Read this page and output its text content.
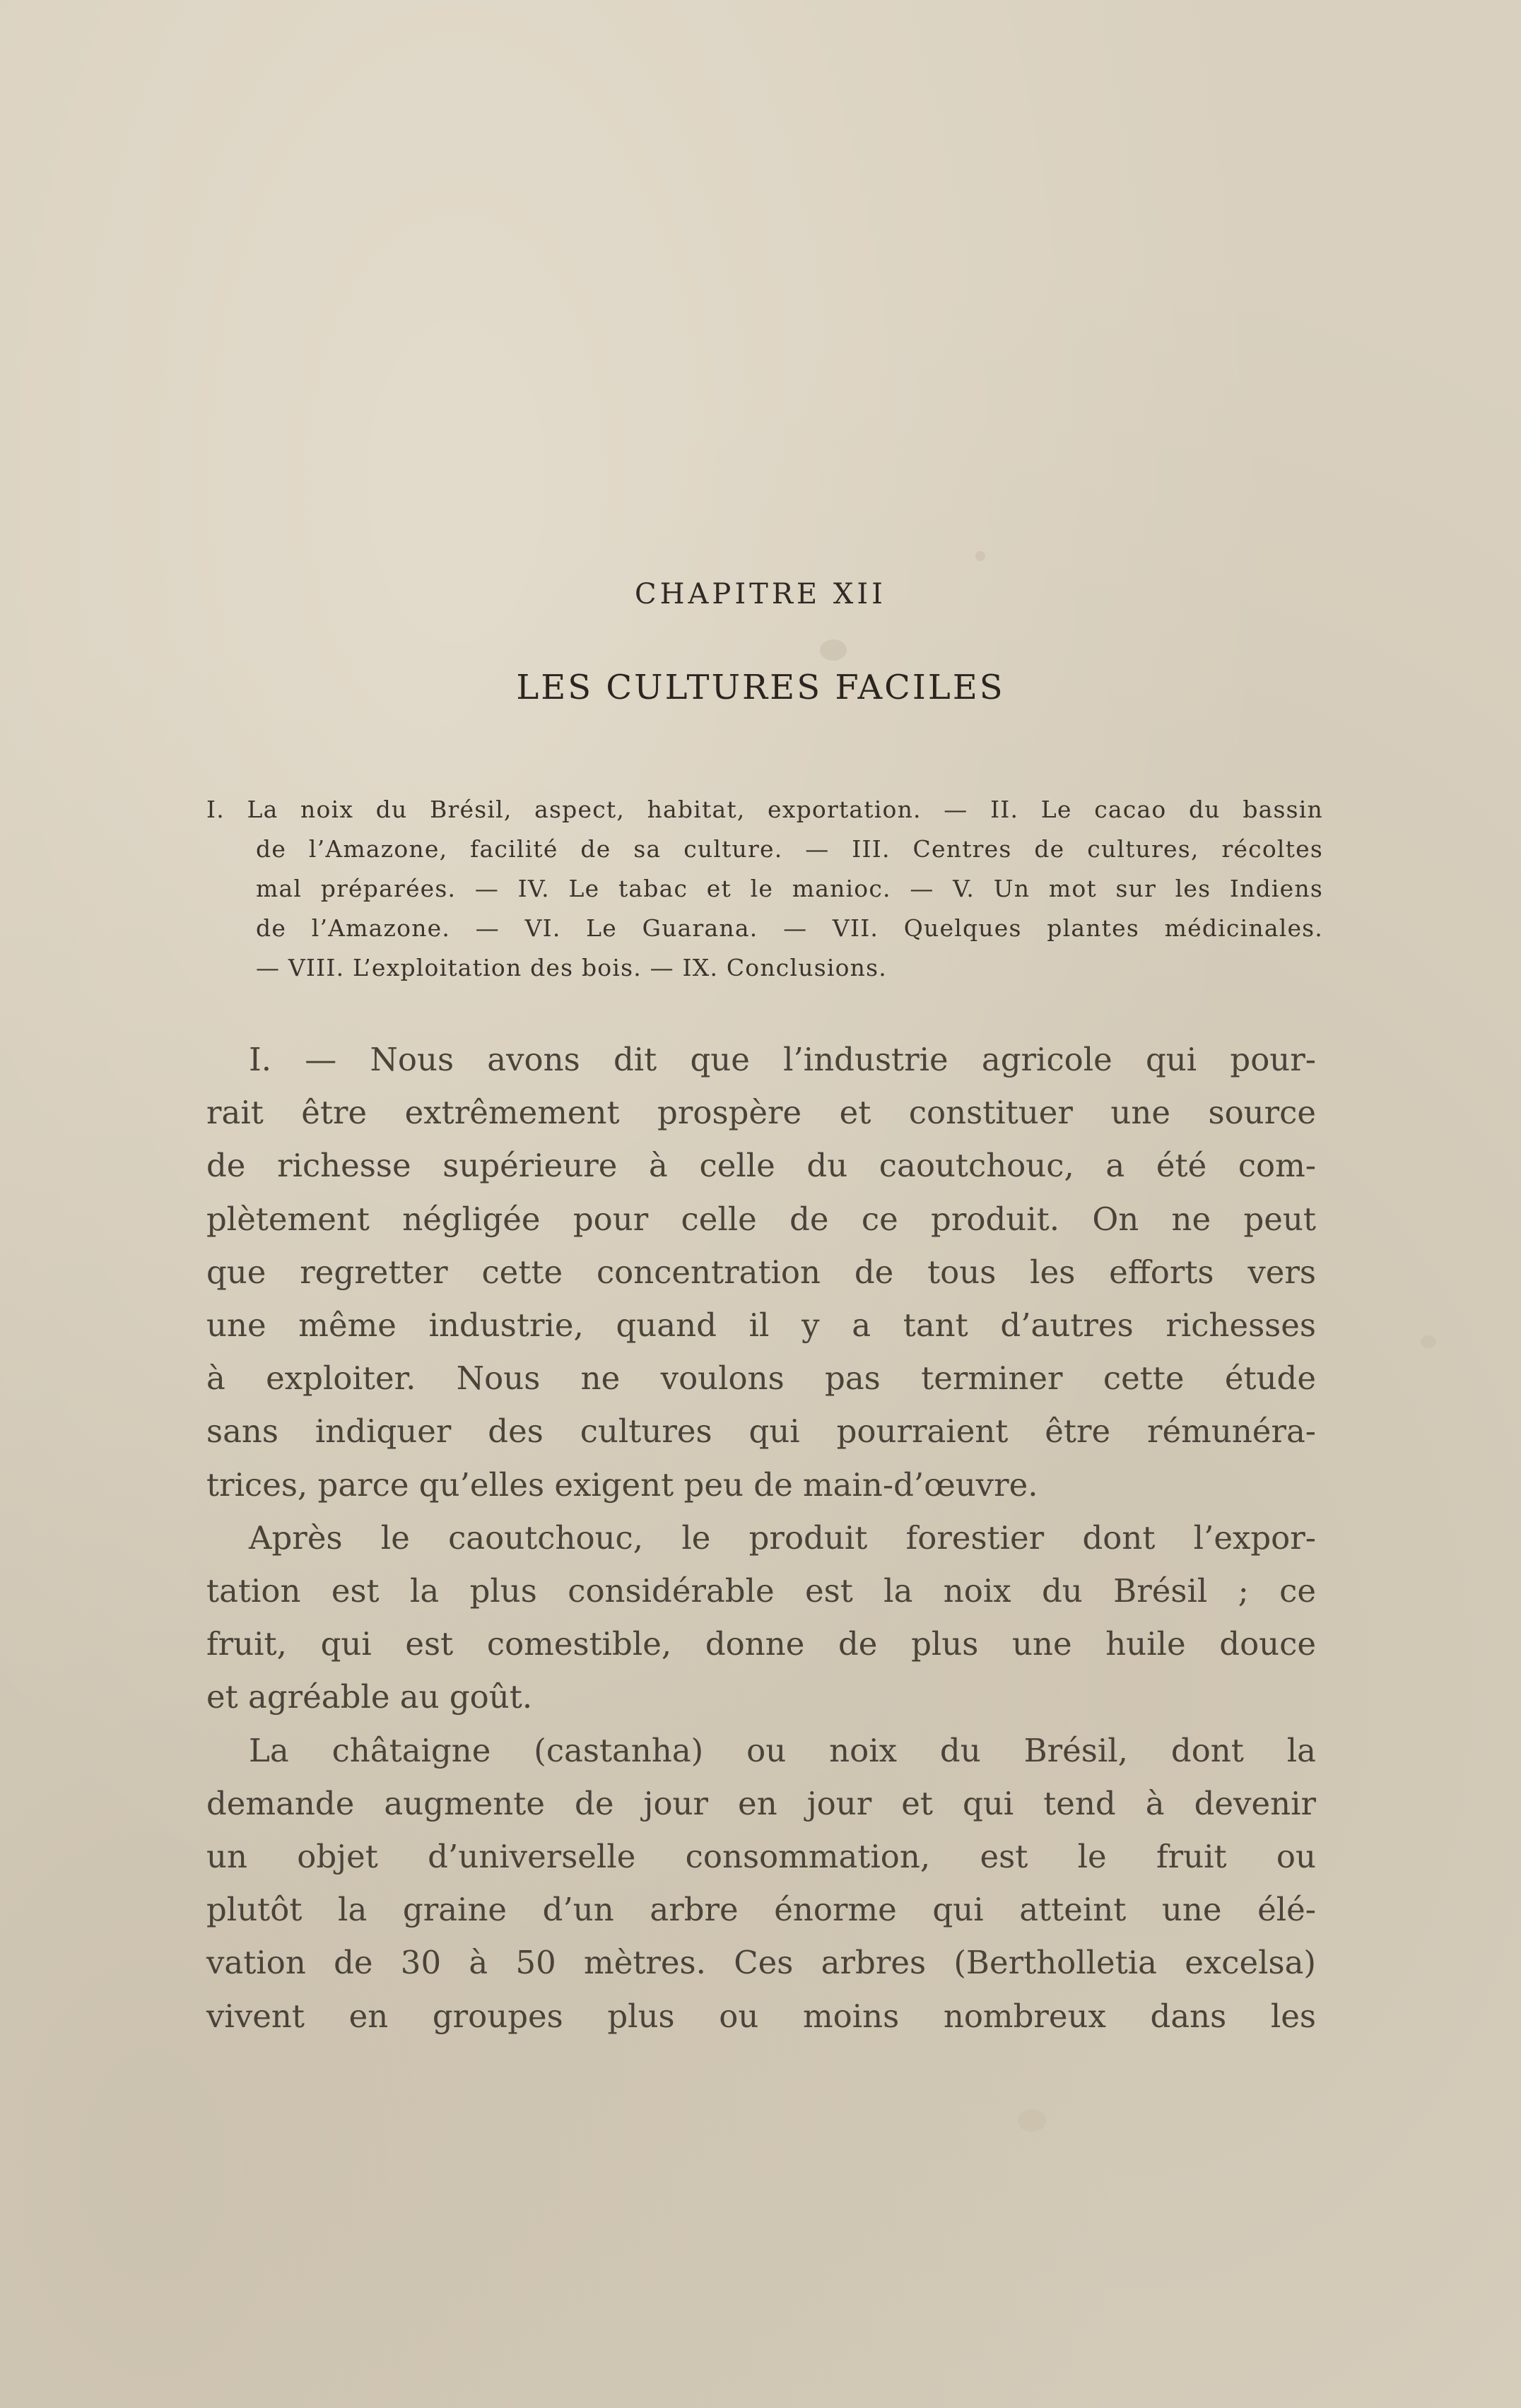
CHAPITRE XII
LES CULTURES FACILES
I. La noix du Brésil, aspect, habitat, exportation. — II. Le cacao du bassin
de l’Amazone, facilité de sa culture. — III. Centres de cultures, récoltes
mal préparées. — IV. Le tabac et le manioc. — V. Un mot sur les Indiens
de l’Amazone. — VI. Le Guarana. — VII. Quelques plantes médicinales.
— VIII. L’exploitation des bois. — IX. Conclusions.
I. — Nous avons dit que l’industrie agricole qui pour-
rait être extrêmement prospère et constituer une source
de richesse supérieure à celle du caoutchouc, a été com-
plètement négligée pour celle de ce produit. On ne peut
que regretter cette concentration de tous les efforts vers
une même industrie, quand il y a tant d’autres richesses
à exploiter. Nous ne voulons pas terminer cette étude
sans indiquer des cultures qui pourraient être rémunéra-
trices, parce qu’elles exigent peu de main-d’œuvre.
Après le caoutchouc, le produit forestier dont l’expor-
tation est la plus considérable est la noix du Brésil ; ce
fruit, qui est comestible, donne de plus une huile douce
et agréable au goût.
La châtaigne (castanha) ou noix du Brésil, dont la
demande augmente de jour en jour et qui tend à devenir
un objet d’universelle consommation, est le fruit ou
plutôt la graine d’un arbre énorme qui atteint une élé-
vation de 30 à 50 mètres. Ces arbres (Bertholletia excelsa)
vivent en groupes plus ou moins nombreux dans les
